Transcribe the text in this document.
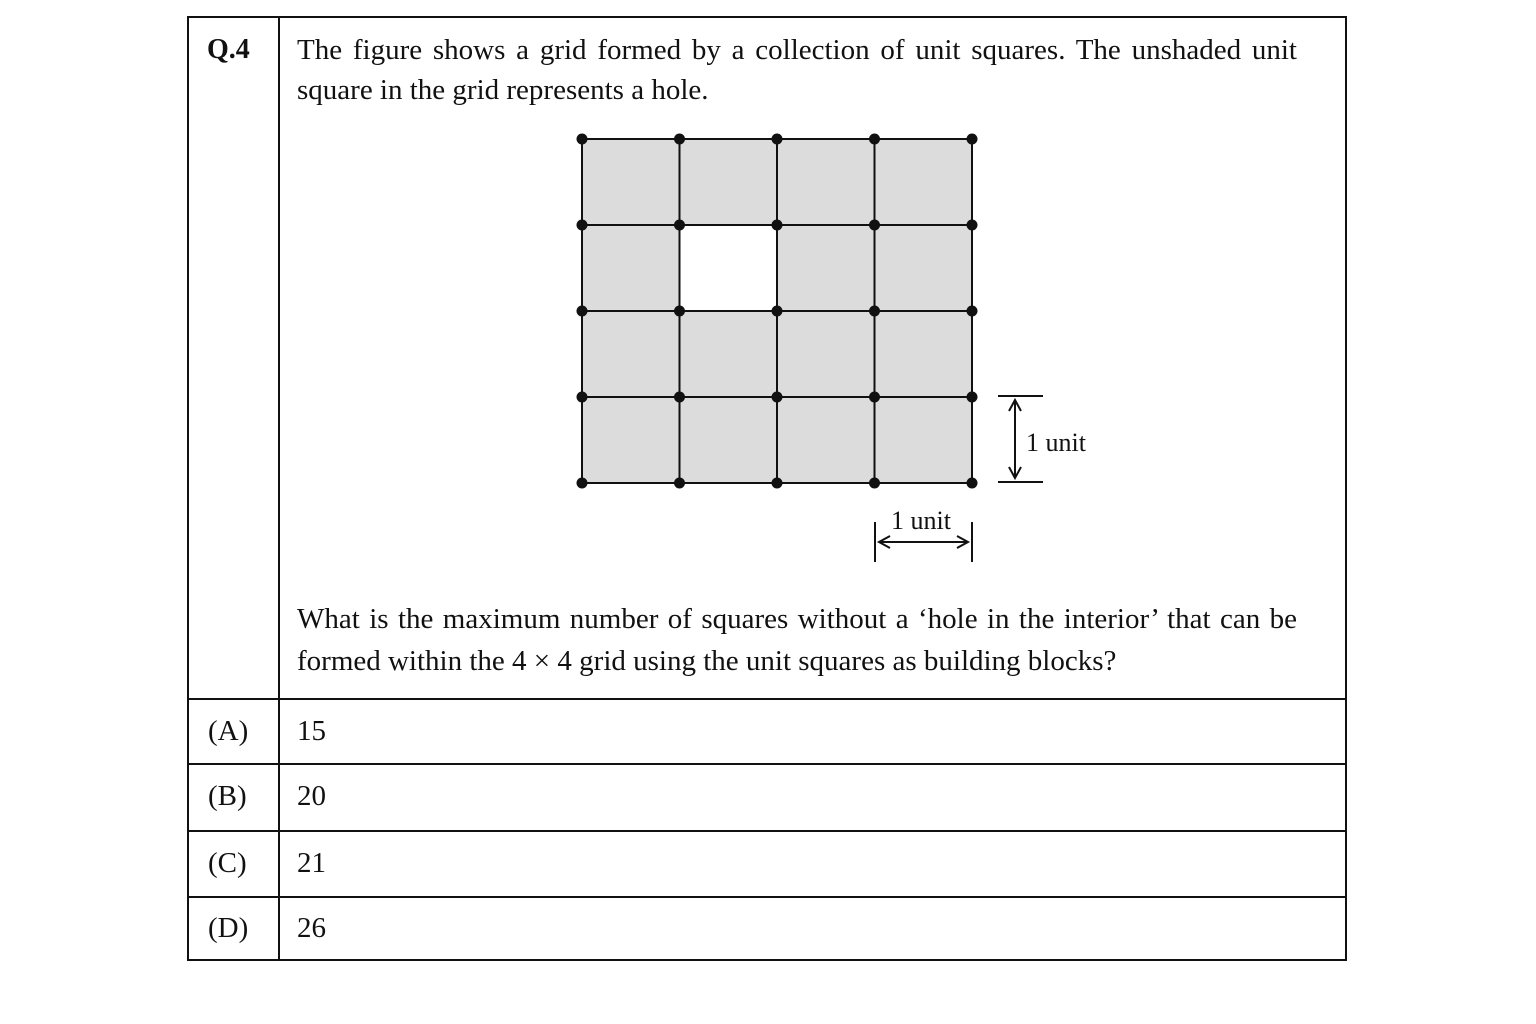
Q.4 The figure shows a grid formed by a collection of unit squares. The unshaded unit square in the grid represents a hole.
What is the maximum number of squares without a ‘hole in the interior’ that can be formed within the 4 × 4 grid using the unit squares as building blocks?
(A) 15
(B) 20
(C) 21
(D) 26
1 unit
1 unit
